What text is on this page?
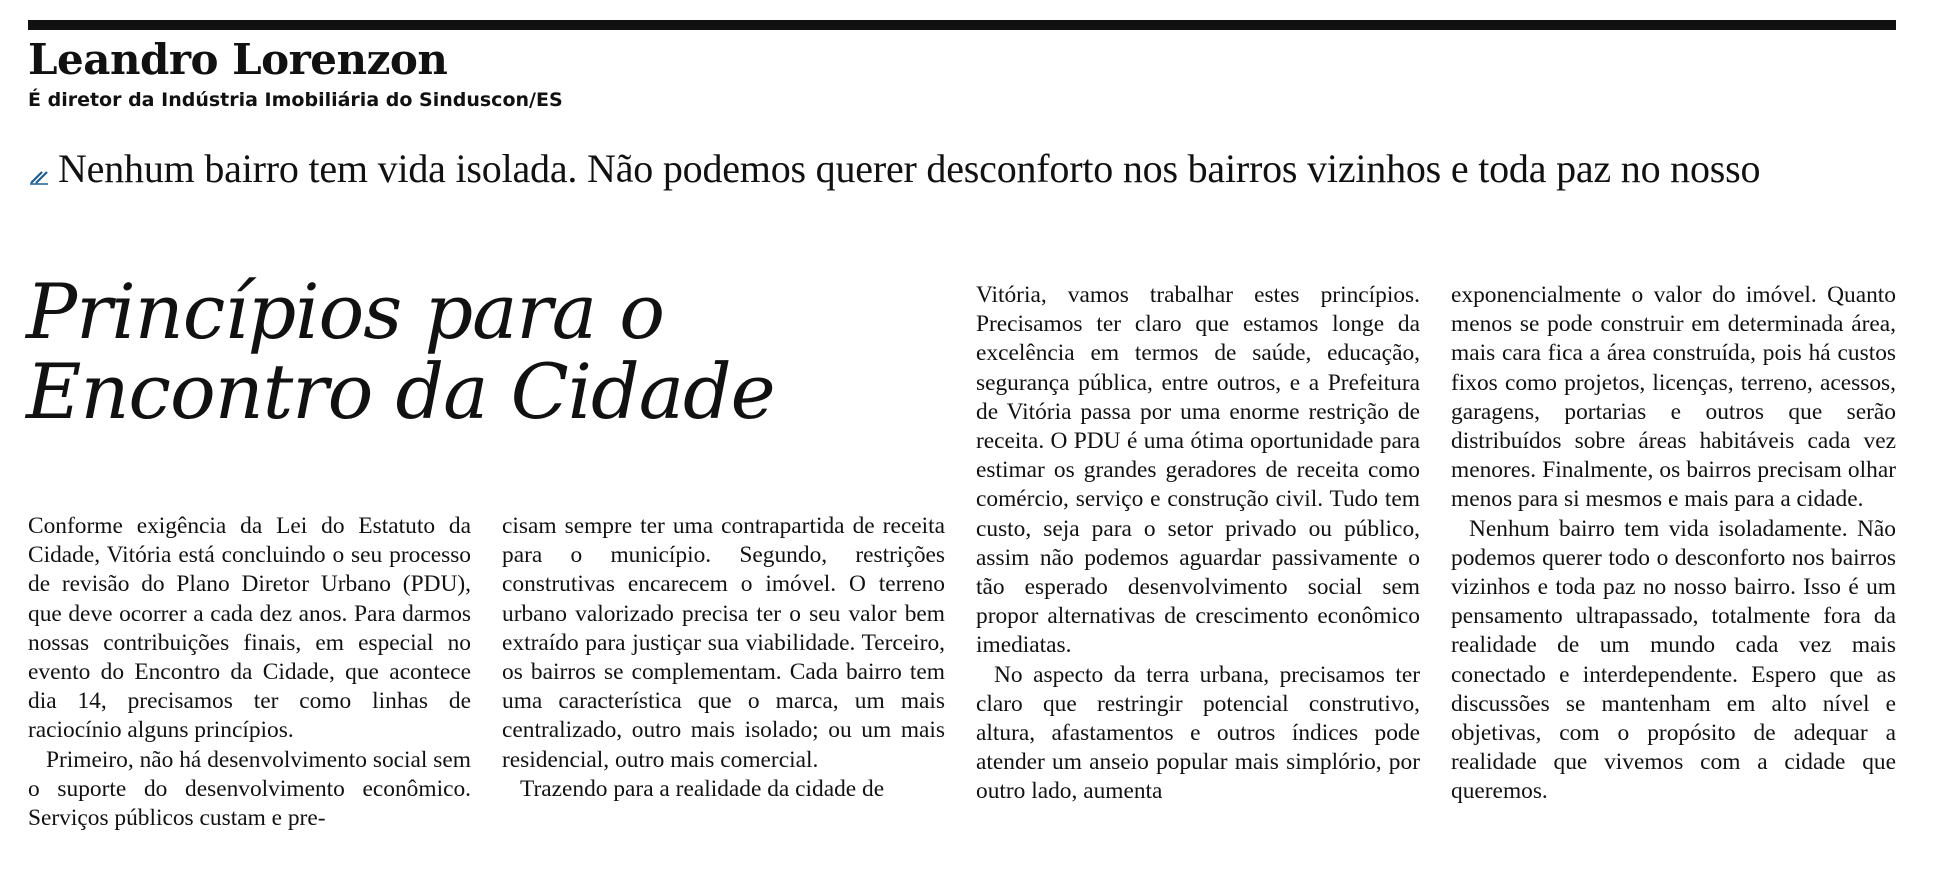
Leandro Lorenzon
É diretor da Indústria Imobiliária do Sinduscon/ES
Nenhum bairro tem vida isolada. Não podemos querer desconforto nos bairros vizinhos e toda paz no nosso
Princípios para o
Encontro da Cidade

Conforme exigência da Lei do Estatuto da Cidade, Vitória está concluindo o seu processo de revisão do Plano Diretor Urbano (PDU), que deve ocorrer a cada dez anos. Para darmos nossas contribuições finais, em especial no evento do Encontro da Cidade, que acontece dia 14, precisamos ter como linhas de raciocínio alguns princípios.

Primeiro, não há desenvolvimento social sem o suporte do desenvolvimento econômico. Serviços públicos custam e pre-

cisam sempre ter uma contrapartida de receita para o município. Segundo, restrições construtivas encarecem o imóvel. O terreno urbano valorizado precisa ter o seu valor bem extraído para justiçar sua viabilidade. Terceiro, os bairros se complementam. Cada bairro tem uma característica que o marca, um mais centralizado, outro mais isolado; ou um mais residencial, outro mais comercial.

Trazendo para a realidade da cidade de

Vitória, vamos trabalhar estes princípios. Precisamos ter claro que estamos longe da excelência em termos de saúde, educação, segurança pública, entre outros, e a Prefeitura de Vitória passa por uma enorme restrição de receita. O PDU é uma ótima oportunidade para estimar os grandes geradores de receita como comércio, serviço e construção civil. Tudo tem custo, seja para o setor privado ou público, assim não podemos aguardar passivamente o tão esperado desenvolvimento social sem propor alternativas de crescimento econômico imediatas.

No aspecto da terra urbana, precisamos ter claro que restringir potencial construtivo, altura, afastamentos e outros índices pode atender um anseio popular mais simplório, por outro lado, aumenta

exponencialmente o valor do imóvel. Quanto menos se pode construir em determinada área, mais cara fica a área construída, pois há custos fixos como projetos, licenças, terreno, acessos, garagens, portarias e outros que serão distribuídos sobre áreas habitáveis cada vez menores. Finalmente, os bairros precisam olhar menos para si mesmos e mais para a cidade.

Nenhum bairro tem vida isoladamente. Não podemos querer todo o desconforto nos bairros vizinhos e toda paz no nosso bairro. Isso é um pensamento ultrapassado, totalmente fora da realidade de um mundo cada vez mais conectado e interdependente. Espero que as discussões se mantenham em alto nível e objetivas, com o propósito de adequar a realidade que vivemos com a cidade que queremos.
